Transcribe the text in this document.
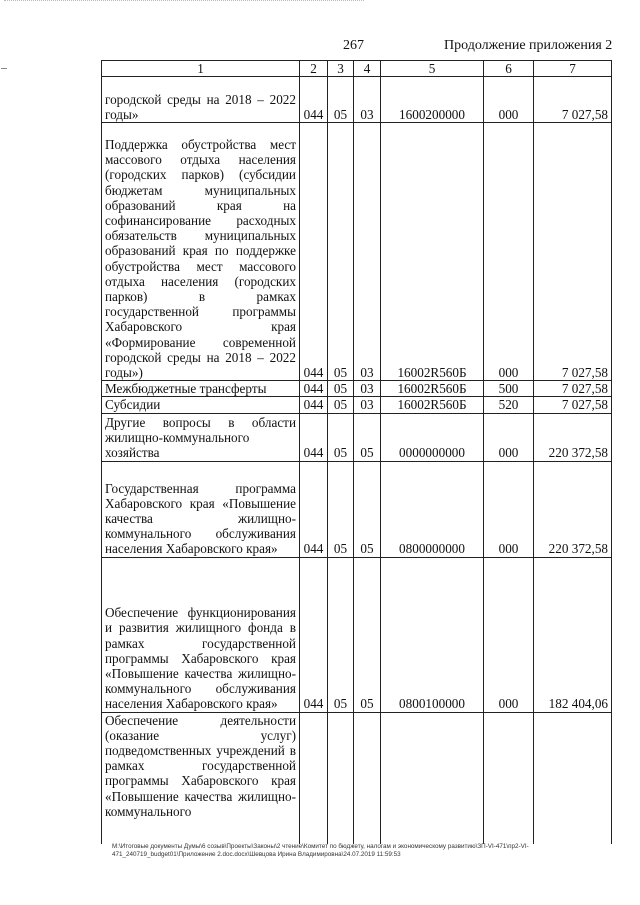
267	Продолжение приложения 2
1	2	3	4	5	6	7
городской среды на 2018 – 2022 годы»	044	05	03	1600200000	000	7 027,58
Поддержка обустройства мест массового отдыха населения (городских парков) (субсидии бюджетам муниципальных образований края на софинансирование расходных обязательств муниципальных образований края по поддержке обустройства мест массового отдыха населения (городских парков) в рамках государственной программы Хабаровского края «Формирование современной городской среды на 2018 – 2022 годы»)	044	05	03	16002R560Б	000	7 027,58
Межбюджетные трансферты	044	05	03	16002R560Б	500	7 027,58
Субсидии	044	05	03	16002R560Б	520	7 027,58
Другие вопросы в области жилищно-коммунального хозяйства	044	05	05	0000000000	000	220 372,58
Государственная программа Хабаровского края «Повышение качества жилищно-коммунального обслуживания населения Хабаровского края»	044	05	05	0800000000	000	220 372,58
Обеспечение функционирования и развития жилищного фонда в рамках государственной программы Хабаровского края «Повышение качества жилищно-коммунального обслуживания населения Хабаровского края»	044	05	05	0800100000	000	182 404,06
Обеспечение деятельности (оказание услуг) подведомственных учреждений в рамках государственной программы Хабаровского края «Повышение качества жилищно-коммунального						
М:\Итоговые документы Думы\6 созыв\Проекты\Законы\2 чтение\Комитет по бюджету, налогам и экономическому развитию\ЗП-VI-471\пр2-VI-
471_240719_budget01\Приложение 2.doc.docx\Шевцова Ирина Владимировна\24.07.2019 11:59:53
